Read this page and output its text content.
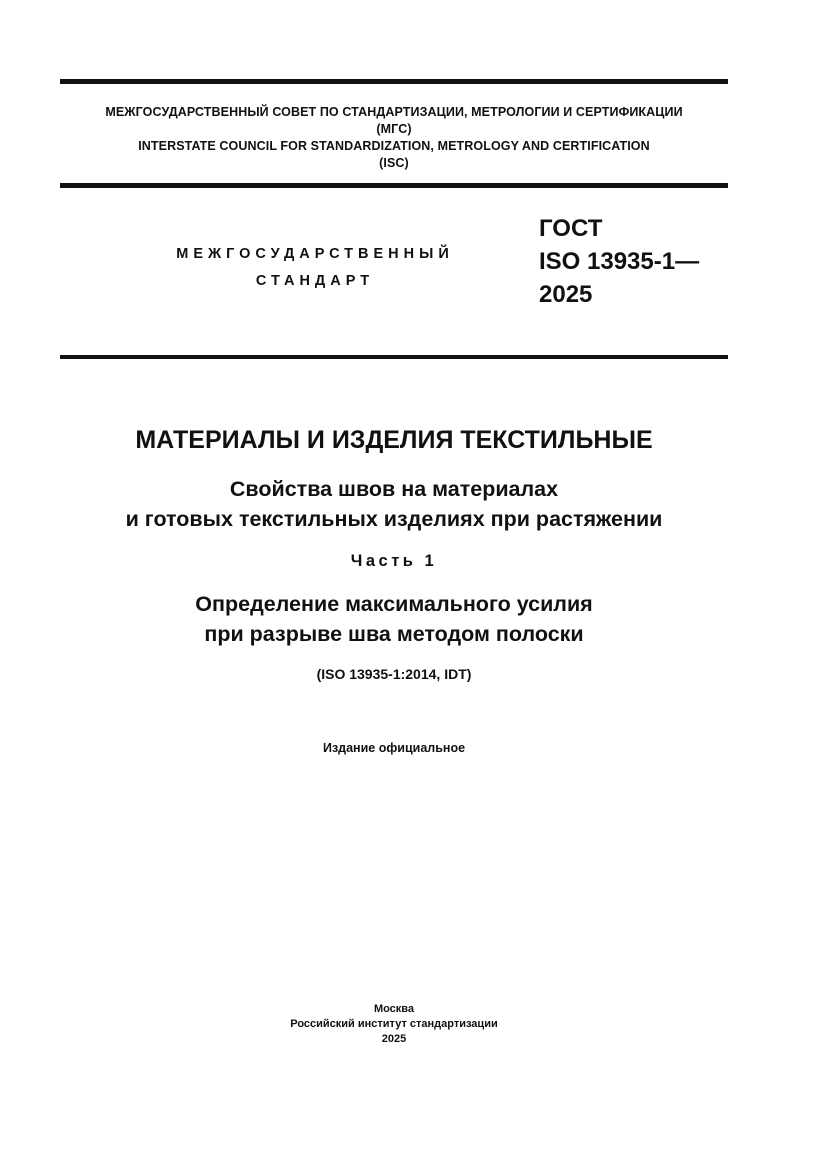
МЕЖГОСУДАРСТВЕННЫЙ СОВЕТ ПО СТАНДАРТИЗАЦИИ, МЕТРОЛОГИИ И СЕРТИФИКАЦИИ
(МГС)
INTERSTATE COUNCIL FOR STANDARDIZATION, METROLOGY AND CERTIFICATION
(ISC)
МЕЖГОСУДАРСТВЕННЫЙ
СТАНДАРТ
ГОСТ
ISO 13935-1—
2025
МАТЕРИАЛЫ И ИЗДЕЛИЯ ТЕКСТИЛЬНЫЕ
Свойства швов на материалах
и готовых текстильных изделиях при растяжении
Часть 1
Определение максимального усилия
при разрыве шва методом полоски
(ISO 13935-1:2014, IDT)
Издание официальное
Москва
Российский институт стандартизации
2025
